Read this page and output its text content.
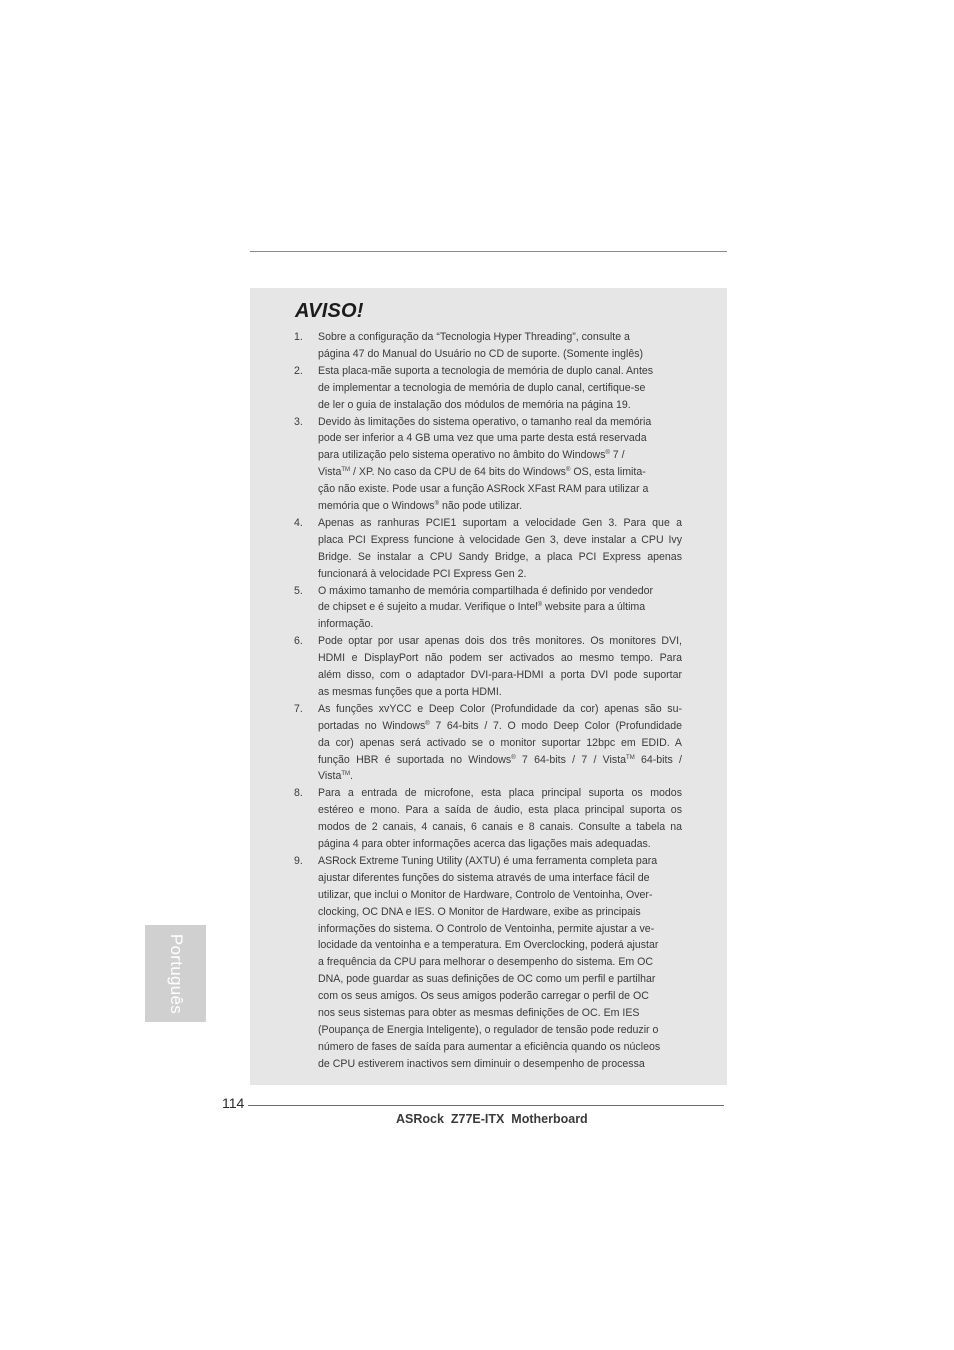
AVISO!
1. Sobre a configuração da “Tecnologia Hyper Threading”, consulte a
página 47 do Manual do Usuário no CD de suporte. (Somente inglês)
2. Esta placa-mãe suporta a tecnologia de memória de duplo canal. Antes
de implementar a tecnologia de memória de duplo canal, certifique-se
de ler o guia de instalação dos módulos de memória na página 19.
3. Devido às limitações do sistema operativo, o tamanho real da memória
pode ser inferior a 4 GB uma vez que uma parte desta está reservada
para utilização pelo sistema operativo no âmbito do Windows® 7 /
Vista™ / XP. No caso da CPU de 64 bits do Windows® OS, esta limita-
ção não existe. Pode usar a função ASRock XFast RAM para utilizar a
memória que o Windows® não pode utilizar.
4. Apenas as ranhuras PCIE1 suportam a velocidade Gen 3. Para que a
placa PCI Express funcione à velocidade Gen 3, deve instalar a CPU Ivy
Bridge. Se instalar a CPU Sandy Bridge, a placa PCI Express apenas
funcionará à velocidade PCI Express Gen 2.
5. O máximo tamanho de memória compartilhada é definido por vendedor
de chipset e é sujeito a mudar. Verifique o Intel® website para a última
informação.
6. Pode optar por usar apenas dois dos três monitores. Os monitores DVI,
HDMI e DisplayPort não podem ser activados ao mesmo tempo. Para
além disso, com o adaptador DVI-para-HDMI a porta DVI pode suportar
as mesmas funções que a porta HDMI.
7. As funções xvYCC e Deep Color (Profundidade da cor) apenas são su-
portadas no Windows® 7 64-bits / 7. O modo Deep Color (Profundidade
da cor) apenas será activado se o monitor suportar 12bpc em EDID. A
função HBR é suportada no Windows® 7 64-bits / 7 / Vista™ 64-bits /
Vista™.
8. Para a entrada de microfone, esta placa principal suporta os modos
estéreo e mono. Para a saída de áudio, esta placa principal suporta os
modos de 2 canais, 4 canais, 6 canais e 8 canais. Consulte a tabela na
página 4 para obter informações acerca das ligações mais adequadas.
9. ASRock Extreme Tuning Utility (AXTU) é uma ferramenta completa para
ajustar diferentes funções do sistema através de uma interface fácil de
utilizar, que inclui o Monitor de Hardware, Controlo de Ventoinha, Over-
clocking, OC DNA e IES. O Monitor de Hardware, exibe as principais
informações do sistema. O Controlo de Ventoinha, permite ajustar a ve-
locidade da ventoinha e a temperatura. Em Overclocking, poderá ajustar
a frequência da CPU para melhorar o desempenho do sistema. Em OC
DNA, pode guardar as suas definições de OC como um perfil e partilhar
com os seus amigos. Os seus amigos poderão carregar o perfil de OC
nos seus sistemas para obter as mesmas definições de OC. Em IES
(Poupança de Energia Inteligente), o regulador de tensão pode reduzir o
número de fases de saída para aumentar a eficiência quando os núcleos
de CPU estiverem inactivos sem diminuir o desempenho de processa
Português
114
ASRock  Z77E-ITX  Motherboard
